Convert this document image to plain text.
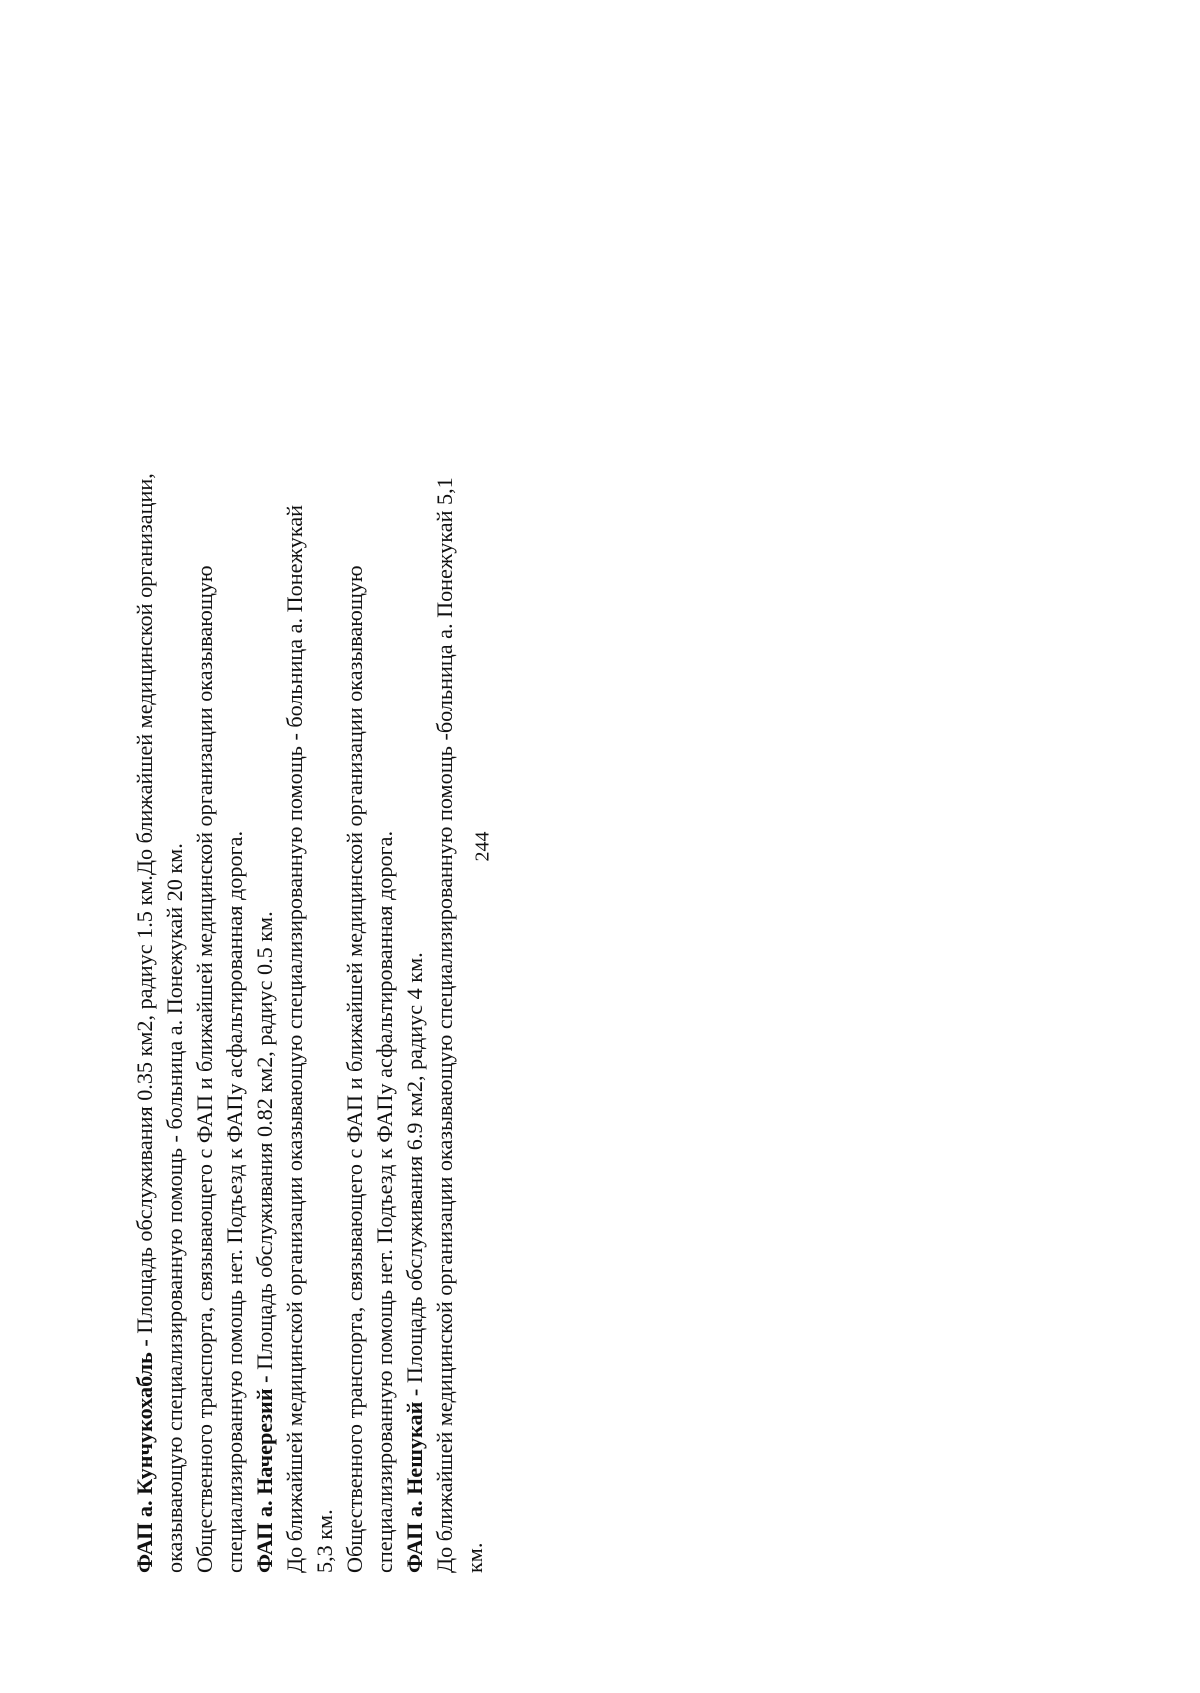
244
ФАП а. Кунчукохабль - Площадь обслуживания 0.35 км2, радиус 1.5 км.До ближайшей медицинской организации, оказывающую специализированную помощь - больница а. Понежукай 20 км. Общественного транспорта, связывающего с ФАП и ближайшей медицинской организации оказывающую специализированную помощь нет. Подъезд к ФАПу асфальтированная дорога. ФАП а. Начерезий - Площадь обслуживания 0.82 км2, радиус 0.5 км. До ближайшей медицинской организации оказывающую специализированную помощь - больница а. Понежукай 5,3 км. Общественного транспорта, связывающего с ФАП и ближайшей медицинской организации оказывающую специализированную помощь нет. Подъезд к ФАПу асфальтированная дорога. ФАП а. Нешукай - Площадь обслуживания 6.9 км2, радиус 4 км. До ближайшей медицинской организации оказывающую специализированную помощь -больница а. Понежукай 5,1 км.
